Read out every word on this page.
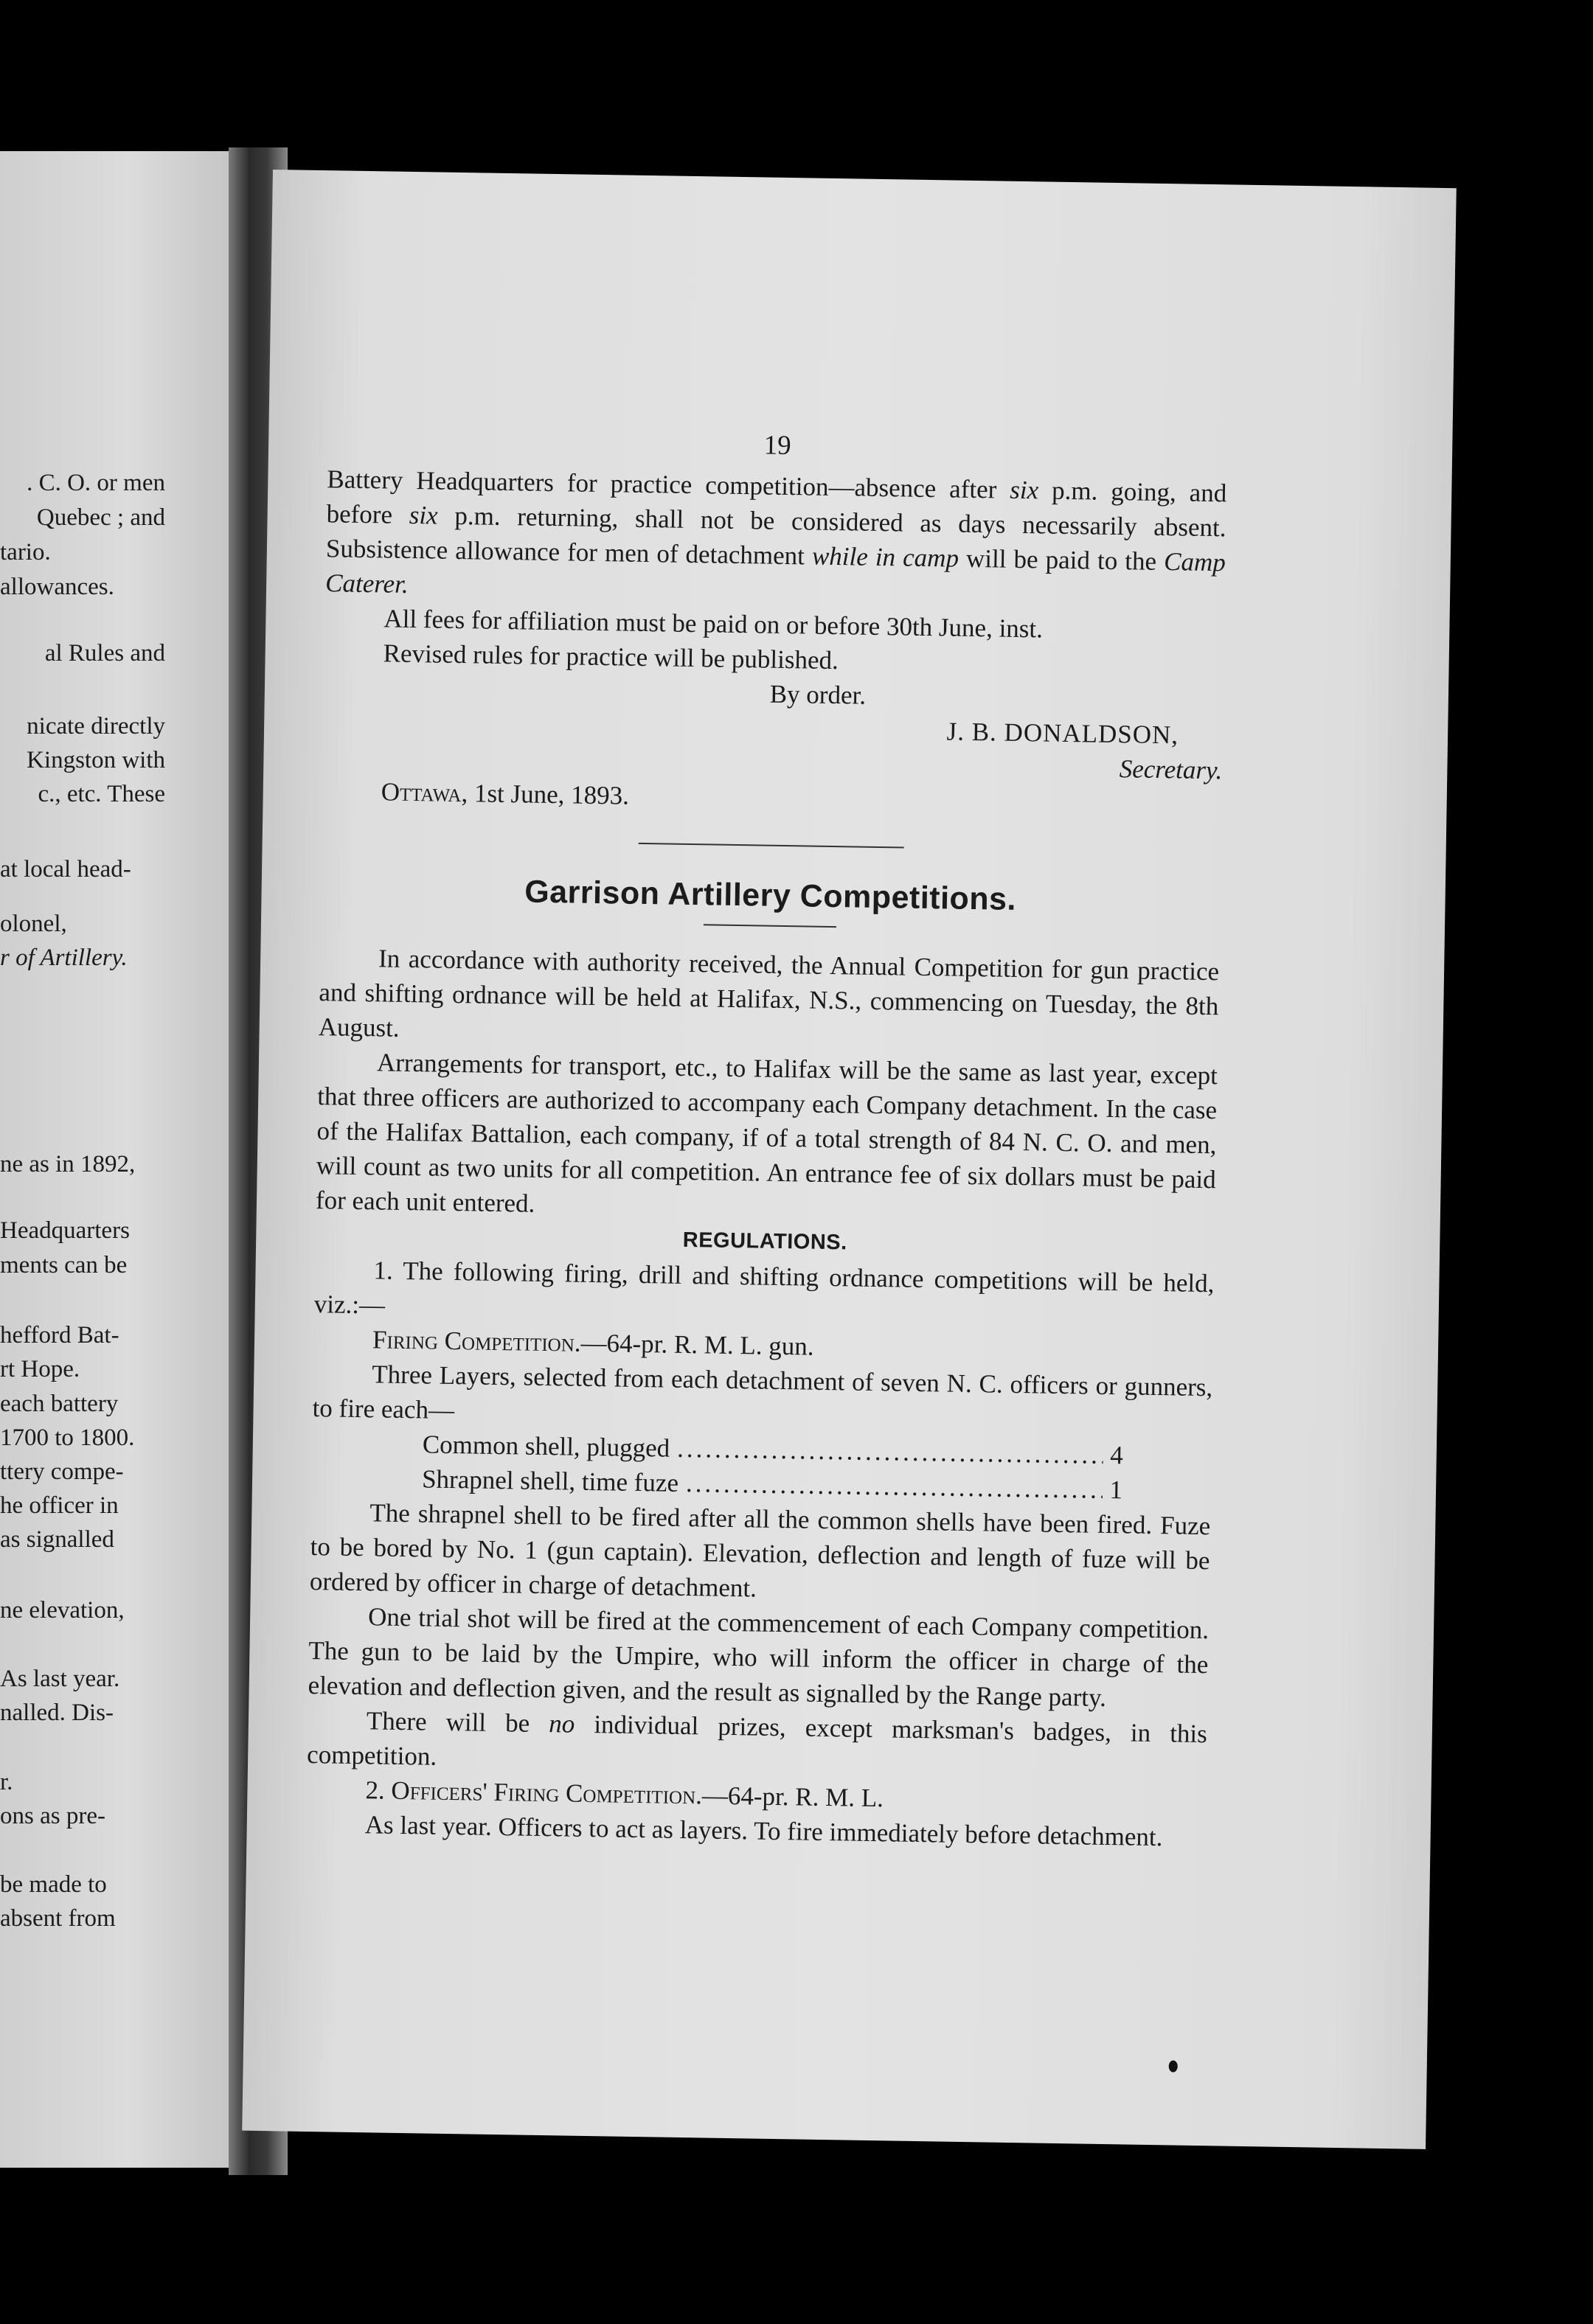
. C. O. or men
Quebec ; and
tario.
allowances.
al Rules and
nicate directly
Kingston with
c., etc. These
at local head-
olonel,
r of Artillery.
ne as in 1892,
Headquarters
ments can be
hefford Bat-
rt Hope.
each battery
1700 to 1800.
ttery compe-
he officer in
as signalled
ne elevation,
As last year.
nalled. Dis-
r.
ons as pre-
be made to
absent from
19

Battery Headquarters for practice competition—absence after six p.m. going, and before six p.m. returning, shall not be considered as days necessarily absent. Subsistence allowance for men of detachment while in camp will be paid to the Camp Caterer.

All fees for affiliation must be paid on or before 30th June, inst.

Revised rules for practice will be published.

By order.

J. B. DONALDSON,

Secretary.

Ottawa, 1st June, 1893.

Garrison Artillery Competitions.

In accordance with authority received, the Annual Competition for gun practice and shifting ordnance will be held at Halifax, N.S., commencing on Tuesday, the 8th August.

Arrangements for transport, etc., to Halifax will be the same as last year, except that three officers are authorized to accompany each Company detachment. In the case of the Halifax Battalion, each company, if of a total strength of 84 N. C. O. and men, will count as two units for all competition. An entrance fee of six dollars must be paid for each unit entered.

REGULATIONS.

1. The following firing, drill and shifting ordnance competitions will be held, viz.:—

Firing Competition.—64-pr. R. M. L. gun.

Three Layers, selected from each detachment of seven N. C. officers or gunners, to fire each—

Common shell, plugged .....	4
Shrapnel shell, time fuze .....	1

The shrapnel shell to be fired after all the common shells have been fired. Fuze to be bored by No. 1 (gun captain). Elevation, deflection and length of fuze will be ordered by officer in charge of detachment.

One trial shot will be fired at the commencement of each Company competition. The gun to be laid by the Umpire, who will inform the officer in charge of the elevation and deflection given, and the result as signalled by the Range party.

There will be no individual prizes, except marksman's badges, in this competition.

2. Officers' Firing Competition.—64-pr. R. M. L.

As last year. Officers to act as layers. To fire immediately before detachment.
